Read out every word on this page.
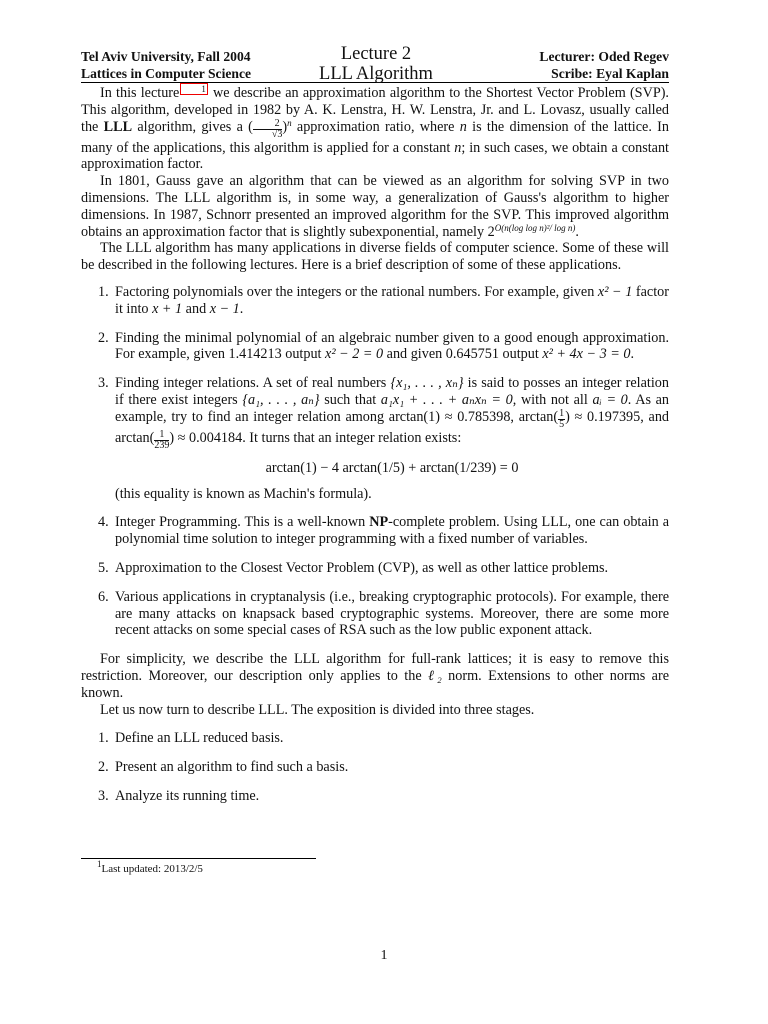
Tel Aviv University, Fall 2004
Lattices in Computer Science
Lecture 2
LLL Algorithm
Lecturer: Oded Regev
Scribe: Eyal Kaplan

In this lecture 1 we describe an approximation algorithm to the Shortest Vector Problem (SVP). This algorithm, developed in 1982 by A. K. Lenstra, H. W. Lenstra, Jr. and L. Lovasz, usually called the LLL algorithm, gives a ( $\frac{2}{√3} )^n$ approximation ratio, where n is the dimension of the lattice. In many of the applications, this algorithm is applied for a constant n; in such cases, we obtain a constant approximation factor.

In 1801, Gauss gave an algorithm that can be viewed as an algorithm for solving SVP in two dimensions. The LLL algorithm is, in some way, a generalization of Gauss's algorithm to higher dimensions. In 1987, Schnorr presented an improved algorithm for the SVP. This improved algorithm obtains an approximation factor that is slightly subexponential, namely $2^{O(n(log log n)^2/ log n)}$.

The LLL algorithm has many applications in diverse fields of computer science. Some of these will be described in the following lectures. Here is a brief description of some of these applications.

1. Factoring polynomials over the integers or the rational numbers. For example, given x² − 1 factor it into x + 1 and x − 1.
2. Finding the minimal polynomial of an algebraic number given to a good enough approximation. For example, given 1.414213 output x² − 2 = 0 and given 0.645751 output x² + 4x − 3 = 0.
3. Finding integer relations. A set of real numbers {x₁, . . . , xₙ} is said to posses an integer relation if there exist integers {a₁, . . . , aₙ} such that a₁x₁ + . . . + aₙxₙ = 0, with not all aᵢ = 0. As an example, try to find an integer relation among arctan(1) ≈ 0.785398, $\arctan( \frac{1}{5}$ ) ≈ 0.197395, and $\arctan( \frac{1}{239}$ ) ≈ 0.004184. It turns that an integer relation exists:
arctan(1) − 4 arctan(1/5) + arctan(1/239) = 0
(this equality is known as Machin's formula).
4. Integer Programming. This is a well-known NP-complete problem. Using LLL, one can obtain a polynomial time solution to integer programming with a fixed number of variables.
5. Approximation to the Closest Vector Problem (CVP), as well as other lattice problems.
6. Various applications in cryptanalysis (i.e., breaking cryptographic protocols). For example, there are many attacks on knapsack based cryptographic systems. Moreover, there are some more recent attacks on some special cases of RSA such as the low public exponent attack.

For simplicity, we describe the LLL algorithm for full-rank lattices; it is easy to remove this restriction. Moreover, our description only applies to the ℓ₂ norm. Extensions to other norms are known.

Let us now turn to describe LLL. The exposition is divided into three stages.

1. Define an LLL reduced basis.
2. Present an algorithm to find such a basis.
3. Analyze its running time.
$^1$Last updated: 2013/2/5
1
